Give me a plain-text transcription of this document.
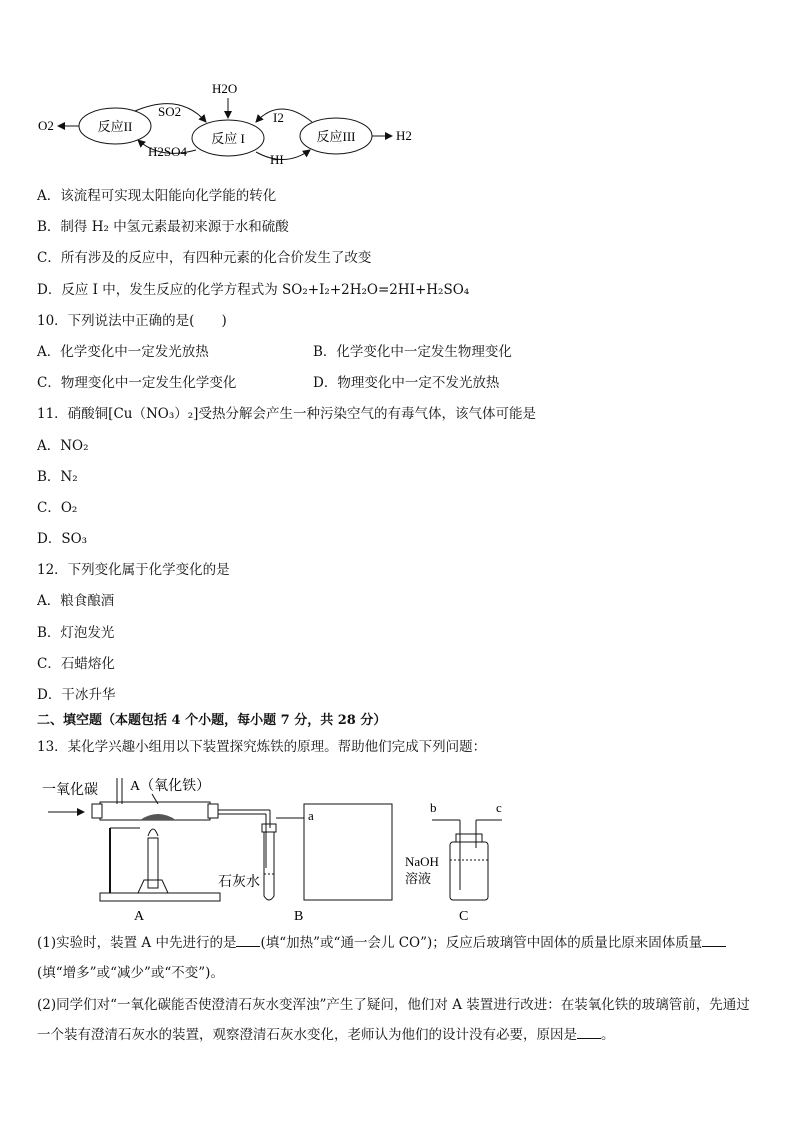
反应II
反应 I	反应III
O2
H2O
SO2
H2SO4
I2
HI
H2
A．该流程可实现太阳能向化学能的转化
B．制得 H₂ 中氢元素最初来源于水和硫酸
C．所有涉及的反应中，有四种元素的化合价发生了改变
D．反应 I 中，发生反应的化学方程式为 SO₂+I₂+2H₂O=2HI+H₂SO₄
10．下列说法中正确的是(　　)
A．化学变化中一定发光放热	B．化学变化中一定发生物理变化
C．物理变化中一定发生化学变化	D．物理变化中一定不发光放热
11．硝酸铜[Cu（NO₃）₂]受热分解会产生一种污染空气的有毒气体，该气体可能是
A．NO₂
B．N₂
C．O₂
D．SO₃
12．下列变化属于化学变化的是
A．粮食酿酒
B．灯泡发光
C．石蜡熔化
D．干冰升华
二、填空题（本题包括 4 个小题，每小题 7 分，共 28 分）
13．某化学兴趣小组用以下装置探究炼铁的原理。帮助他们完成下列问题：
一氧化碳 A（氧化铁）
石灰水
a
b	c
NaOH
溶液
A	B	C
(1)实验时，装置 A 中先进行的是 (填“加热”或“通一会儿 CO”)；反应后玻璃管中固体的质量比原来固体质量(填“增多”或“减少”或“不变”)。
(2)同学们对“一氧化碳能否使澄清石灰水变浑浊”产生了疑问，他们对 A 装置进行改进：在装氧化铁的玻璃管前，先通过一个装有澄清石灰水的装置，观察澄清石灰水变化，老师认为他们的设计没有必要，原因是 。
